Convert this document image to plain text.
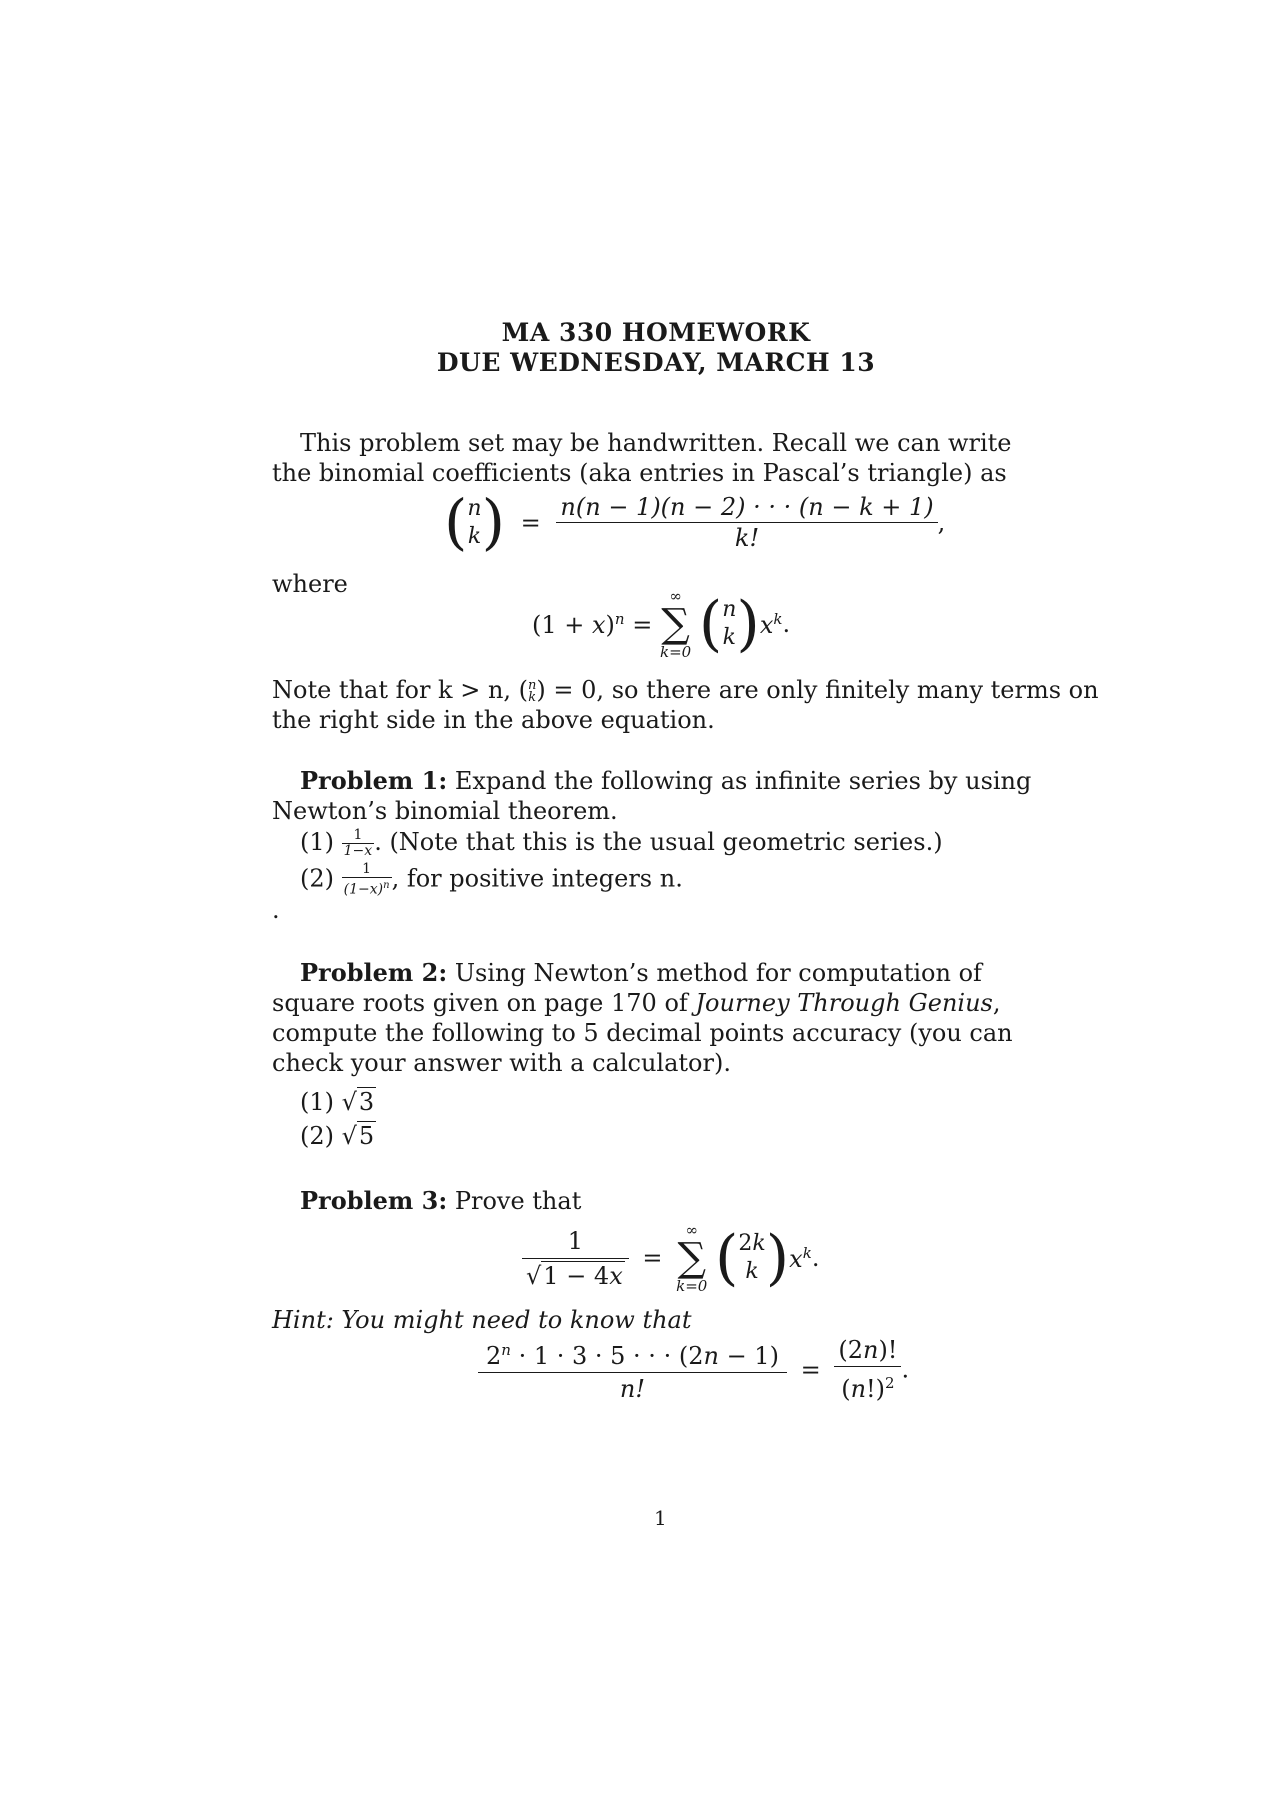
MA 330 HOMEWORK
DUE WEDNESDAY, MARCH 13
This problem set may be handwritten. Recall we can write the binomial coefficients (aka entries in Pascal’s triangle) as
( n
k ) = $\frac{n(n - 1)(n - 2) \cdot \cdot \cdot (n - k + 1)}{k!}$ ,
where
$(1 + x)^n$ =
∞
∑
k=0 ( n
k )$x^k$.
Note that for k > n, ( n
k ) = 0, so there are only finitely many terms on
the right side in the above equation.
Problem 1: Expand the following as infinite series by using Newton’s binomial theorem.
$(1) \frac{1}{1-x}$ . (Note that this is the usual geometric series.)
$(2) \frac{1}{(1-x)^n}$ , for positive integers n.
.
Problem 2: Using Newton’s method for computation of square roots given on page 170 of Journey Through Genius, compute the following to 5 decimal points accuracy (you can check your answer with a calculator).
(1) √3
(2) √5
Problem 3: Prove that
$\frac{1}{√1 - 4x}$ =
∞
∑
k=0 ( 2k
k )$x^k$.
Hint: You might need to know that
$\frac{2^n \cdot 1 \cdot 3 \cdot 5 \cdot \cdot \cdot (2n - 1)}{n!} = \frac{(2n)!}{(n!)^2}$ .
1
